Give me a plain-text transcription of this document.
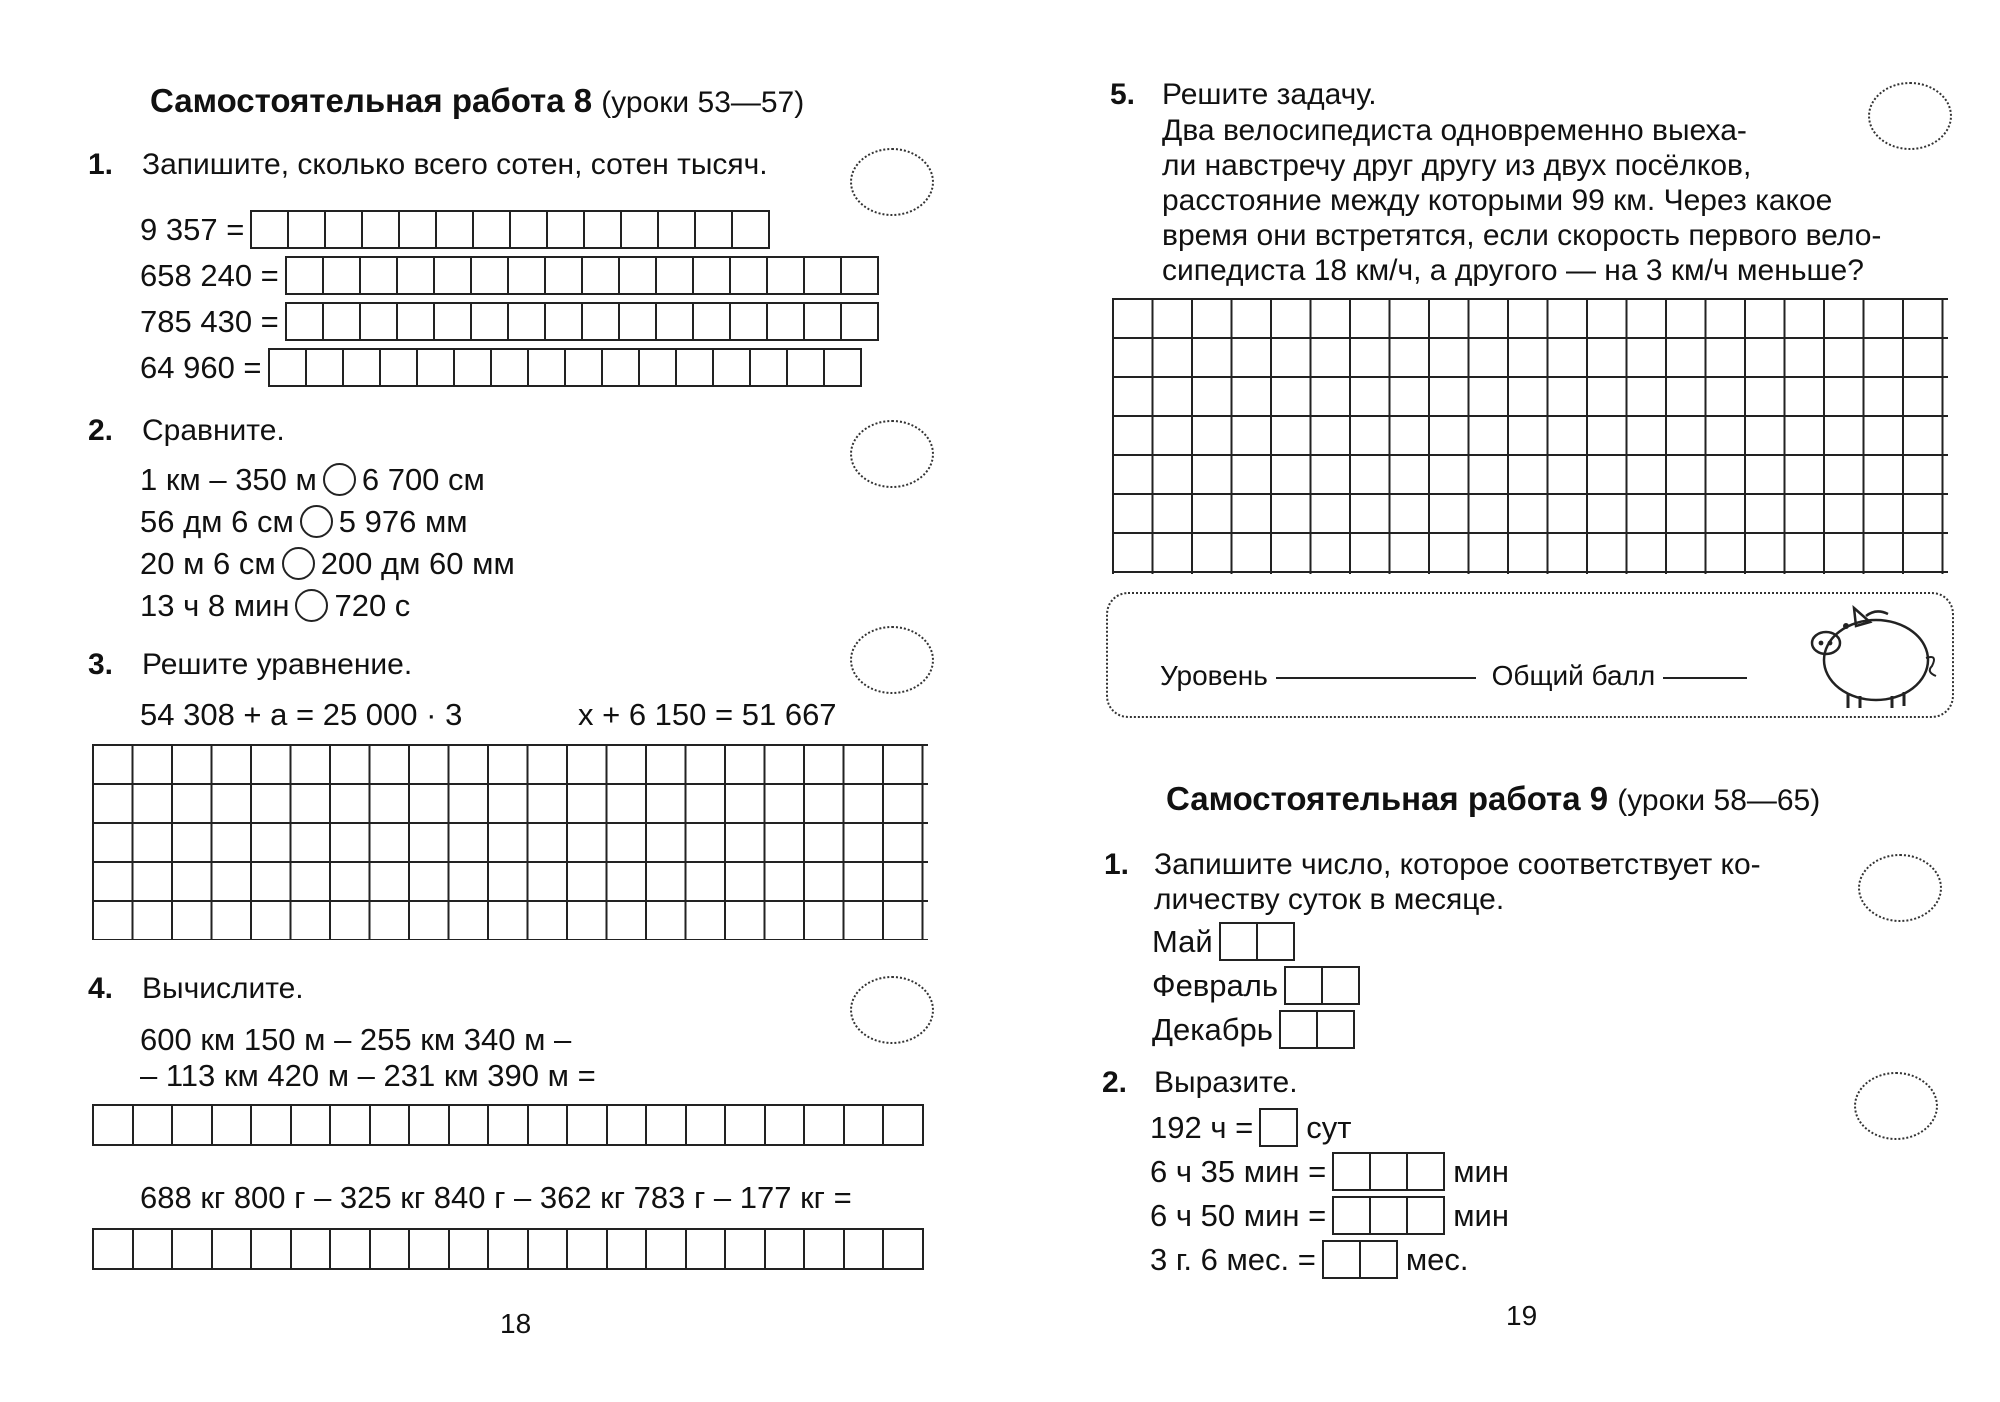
Самостоятельная работа 8 (уроки 53—57)
1. Запишите, сколько всего сотен, сотен тысяч.
9 357 =
658 240 =
785 430 =
64 960 =
2. Сравните.
1 км – 350 м 6 700 см
56 дм 6 см 5 976 мм
20 м 6 см 200 дм 60 мм
13 ч 8 мин 720 с
3. Решите уравнение.
54 308 + a = 25 000 · 3	x + 6 150 = 51 667
4. Вычислите.
600 км 150 м – 255 км 340 м –
– 113 км 420 м – 231 км 390 м =
688 кг 800 г – 325 кг 840 г – 362 кг 783 г – 177 кг =
18
5. Решите задачу.
Два велосипедиста одновременно выеха-
ли навстречу друг другу из двух посёлков,
расстояние между которыми 99 км. Через какое
время они встретятся, если скорость первого вело-
сипедиста 18 км/ч, а другого — на 3 км/ч меньше?
Уровень	Общий балл
Самостоятельная работа 9 (уроки 58—65)
1. Запишите число, которое соответствует ко-
личеству суток в месяце.
Май
Февраль
Декабрь
2. Выразите.
192 ч = сут
6 ч 35 мин =	мин
6 ч 50 мин =	мин
3 г. 6 мес. =	мес.
19
